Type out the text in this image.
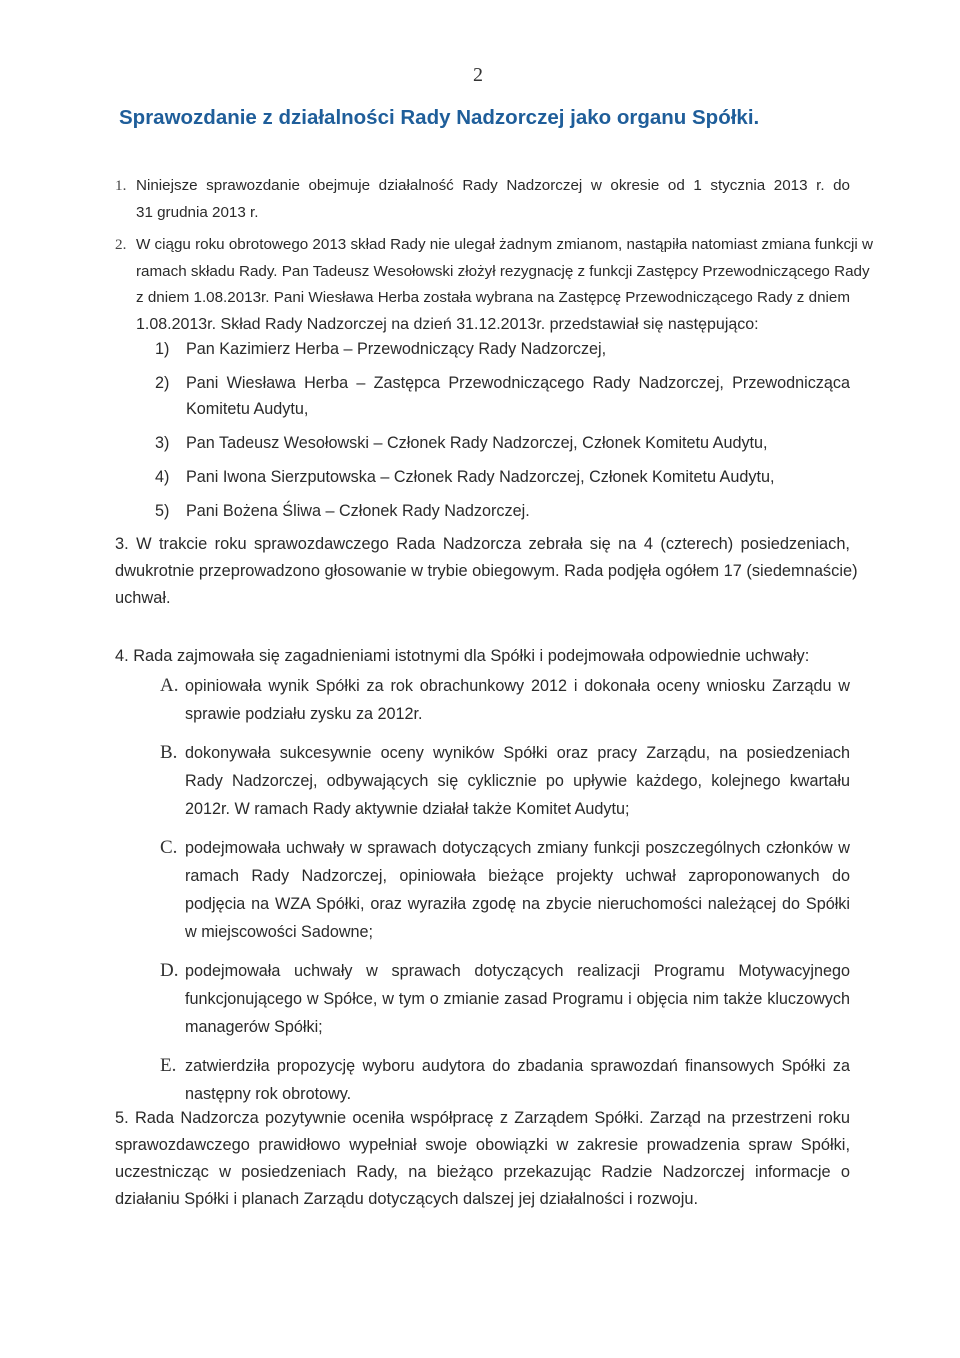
2
Sprawozdanie z działalności Rady Nadzorczej jako organu Spółki.
1. Niniejsze sprawozdanie obejmuje działalność Rady Nadzorczej w okresie od 1 stycznia 2013 r. do
31 grudnia 2013 r.
2. W ciągu roku obrotowego 2013 skład Rady nie ulegał żadnym zmianom, nastąpiła natomiast zmiana funkcji w
ramach składu Rady. Pan Tadeusz Wesołowski złożył rezygnację z funkcji Zastępcy Przewodniczącego Rady
z dniem 1.08.2013r. Pani Wiesława Herba została wybrana na Zastępcę Przewodniczącego Rady z dniem
1.08.2013r. Skład Rady Nadzorczej na dzień 31.12.2013r. przedstawiał się następująco:
1) Pan Kazimierz Herba – Przewodniczący Rady Nadzorczej,
2) Pani Wiesława Herba – Zastępca Przewodniczącego Rady Nadzorczej, Przewodnicząca
Komitetu Audytu,
3) Pan Tadeusz Wesołowski – Członek Rady Nadzorczej, Członek Komitetu Audytu,
4) Pani Iwona Sierzputowska – Członek Rady Nadzorczej, Członek Komitetu Audytu,
5) Pani Bożena Śliwa – Członek Rady Nadzorczej.
3. W trakcie roku sprawozdawczego Rada Nadzorcza zebrała się na 4 (czterech) posiedzeniach,
dwukrotnie przeprowadzono głosowanie w trybie obiegowym. Rada podjęła ogółem 17 (siedemnaście)
uchwał.
4. Rada zajmowała się zagadnieniami istotnymi dla Spółki i podejmowała odpowiednie uchwały:
A. opiniowała wynik Spółki za rok obrachunkowy 2012 i dokonała oceny wniosku Zarządu w
sprawie podziału zysku za 2012r.
B. dokonywała sukcesywnie oceny wyników Spółki oraz pracy Zarządu, na posiedzeniach
Rady Nadzorczej, odbywających się cyklicznie po upływie każdego, kolejnego kwartału
2012r. W ramach Rady aktywnie działał także Komitet Audytu;
C. podejmowała uchwały w sprawach dotyczących zmiany funkcji poszczególnych członków w
ramach Rady Nadzorczej, opiniowała bieżące projekty uchwał zaproponowanych do
podjęcia na WZA Spółki, oraz wyraziła zgodę na zbycie nieruchomości należącej do Spółki
w miejscowości Sadowne;
D. podejmowała uchwały w sprawach dotyczących realizacji Programu Motywacyjnego
funkcjonującego w Spółce, w tym o zmianie zasad Programu i objęcia nim także kluczowych
managerów Spółki;
E. zatwierdziła propozycję wyboru audytora do zbadania sprawozdań finansowych Spółki za
następny rok obrotowy.
5. Rada Nadzorcza pozytywnie oceniła współpracę z Zarządem Spółki. Zarząd na przestrzeni roku
sprawozdawczego prawidłowo wypełniał swoje obowiązki w zakresie prowadzenia spraw Spółki,
uczestnicząc w posiedzeniach Rady, na bieżąco przekazując Radzie Nadzorczej informacje o
działaniu Spółki i planach Zarządu dotyczących dalszej jej działalności i rozwoju.
